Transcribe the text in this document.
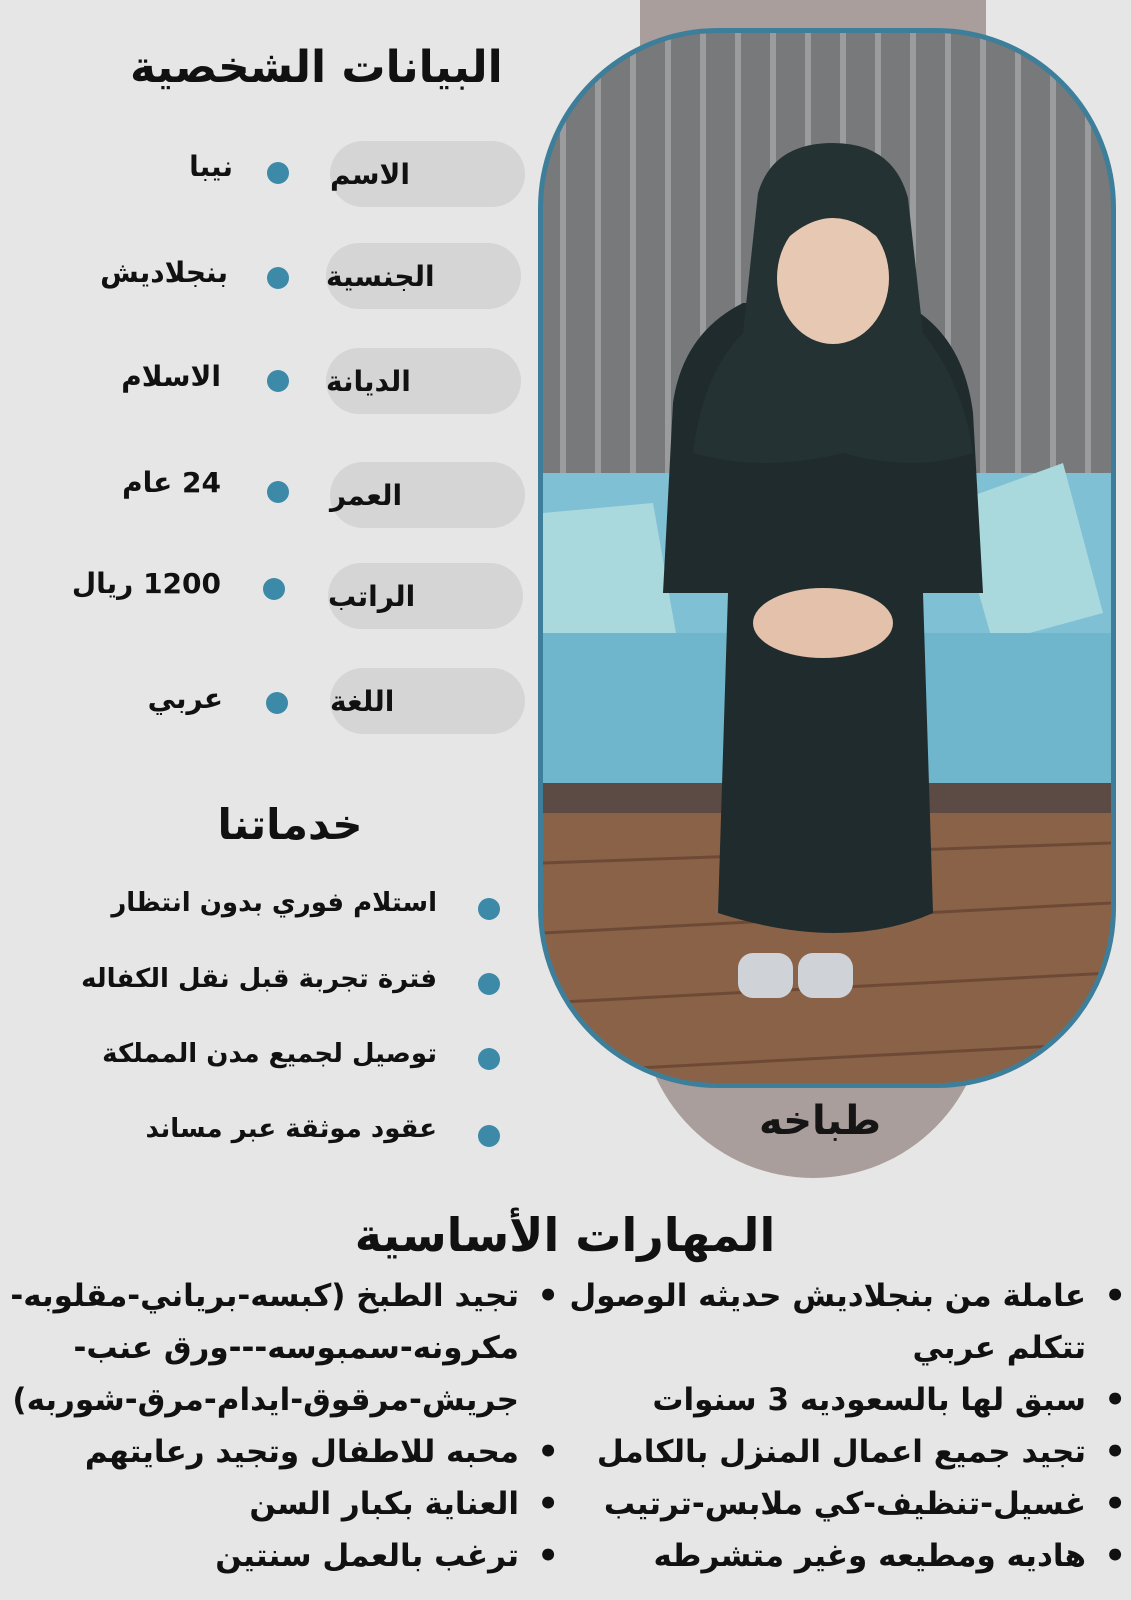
طباخه
البيانات الشخصية
الاسم
نيبا
الجنسية
بنجلاديش
الديانة
الاسلام
العمر
24 عام
الراتب
1200 ريال
اللغة
عربي
خدماتنا
استلام فوري بدون انتظار
فترة تجربة قبل نقل الكفاله
توصيل لجميع مدن المملكة
عقود موثقة عبر مساند
المهارات الأساسية
• عاملة من بنجلاديش حديثه الوصول
تتكلم عربي
• سبق لها بالسعوديه 3 سنوات
• تجيد جميع اعمال المنزل بالكامل
• غسيل-تنظيف-كي ملابس-ترتيب
• هاديه ومطيعه وغير متشرطه
• تجيد الطبخ (كبسه-برياني-مقلوبه-
مكرونه-سمبوسه---ورق عنب-
جريش-مرقوق-ايدام-مرق-شوربه)
• محبه للاطفال وتجيد رعايتهم
• العناية بكبار السن
• ترغب بالعمل سنتين
